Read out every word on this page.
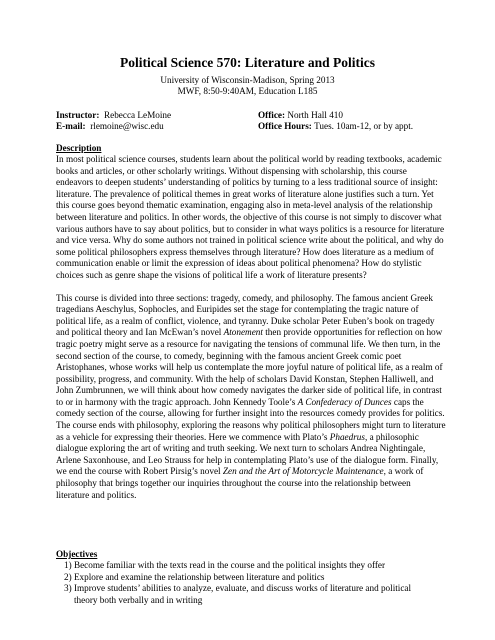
Political Science 570: Literature and Politics
University of Wisconsin-Madison, Spring 2013
MWF, 8:50-9:40AM, Education L185
Instructor: Rebecca LeMoine
E-mail: rlemoine@wisc.edu
Office: North Hall 410
Office Hours: Tues. 10am-12, or by appt.
Description

In most political science courses, students learn about the political world by reading textbooks, academic books and articles, or other scholarly writings. Without dispensing with scholarship, this course endeavors to deepen students’ understanding of politics by turning to a less traditional source of insight: literature. The prevalence of political themes in great works of literature alone justifies such a turn. Yet this course goes beyond thematic examination, engaging also in meta-level analysis of the relationship between literature and politics. In other words, the objective of this course is not simply to discover what various authors have to say about politics, but to consider in what ways politics is a resource for literature and vice versa. Why do some authors not trained in political science write about the political, and why do some political philosophers express themselves through literature? How does literature as a medium of communication enable or limit the expression of ideas about political phenomena? How do stylistic choices such as genre shape the visions of political life a work of literature presents?

This course is divided into three sections: tragedy, comedy, and philosophy. The famous ancient Greek tragedians Aeschylus, Sophocles, and Euripides set the stage for contemplating the tragic nature of political life, as a realm of conflict, violence, and tyranny. Duke scholar Peter Euben’s book on tragedy and political theory and Ian McEwan’s novel Atonement then provide opportunities for reflection on how tragic poetry might serve as a resource for navigating the tensions of communal life. We then turn, in the second section of the course, to comedy, beginning with the famous ancient Greek comic poet Aristophanes, whose works will help us contemplate the more joyful nature of political life, as a realm of possibility, progress, and community. With the help of scholars David Konstan, Stephen Halliwell, and John Zumbrunnen, we will think about how comedy navigates the darker side of political life, in contrast to or in harmony with the tragic approach. John Kennedy Toole’s A Confederacy of Dunces caps the comedy section of the course, allowing for further insight into the resources comedy provides for politics. The course ends with philosophy, exploring the reasons why political philosophers might turn to literature as a vehicle for expressing their theories. Here we commence with Plato’s Phaedrus, a philosophic dialogue exploring the art of writing and truth seeking. We next turn to scholars Andrea Nightingale, Arlene Saxonhouse, and Leo Strauss for help in contemplating Plato’s use of the dialogue form. Finally, we end the course with Robert Pirsig’s novel Zen and the Art of Motorcycle Maintenance, a work of philosophy that brings together our inquiries throughout the course into the relationship between literature and politics.

Objectives
1) Become familiar with the texts read in the course and the political insights they offer
2) Explore and examine the relationship between literature and politics
3) Improve students’ abilities to analyze, evaluate, and discuss works of literature and political
theory both verbally and in writing
